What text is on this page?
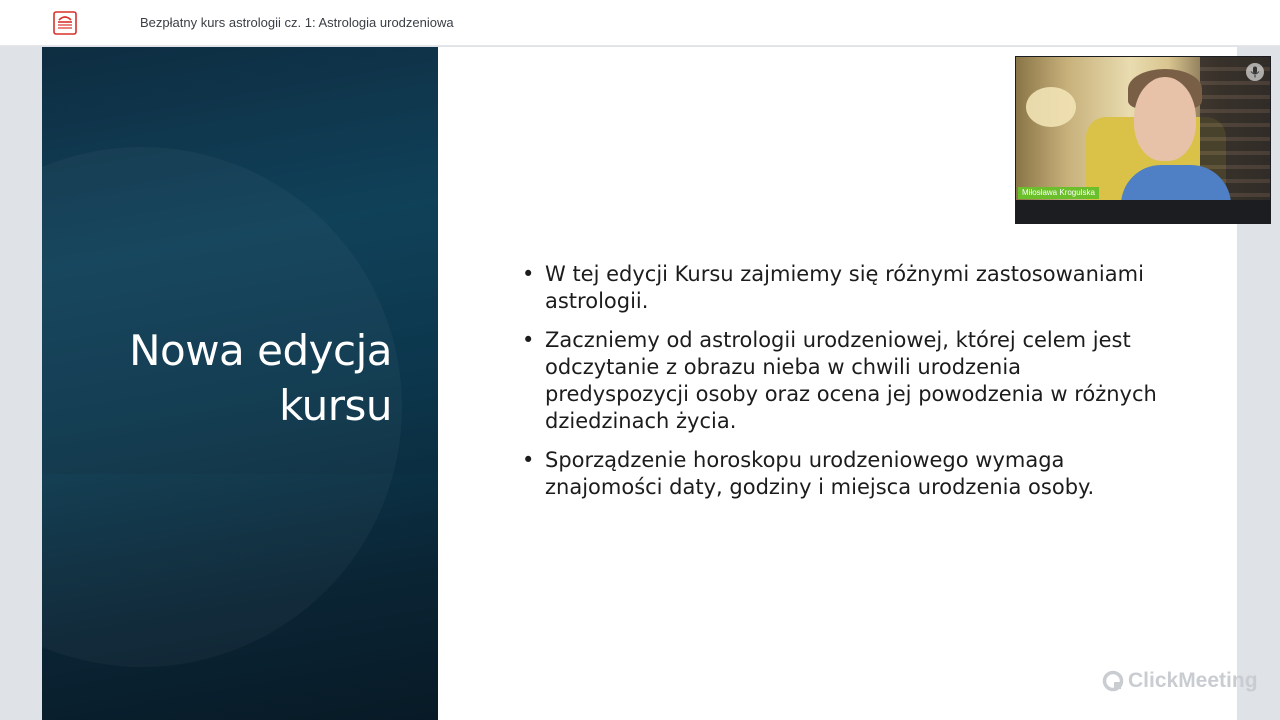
Bezpłatny kurs astrologii cz. 1: Astrologia urodzeniowa
Nowa edycja
kursu
• W tej edycji Kursu zajmiemy się różnymi zastosowaniami astrologii.
• Zaczniemy od astrologii urodzeniowej, której celem jest odczytanie z obrazu nieba w chwili urodzenia predyspozycji osoby oraz ocena jej powodzenia w różnych dziedzinach życia.
• Sporządzenie horoskopu urodzeniowego wymaga znajomości daty, godziny i miejsca urodzenia osoby.
Miłosława Krogulska
ClickMeeting
